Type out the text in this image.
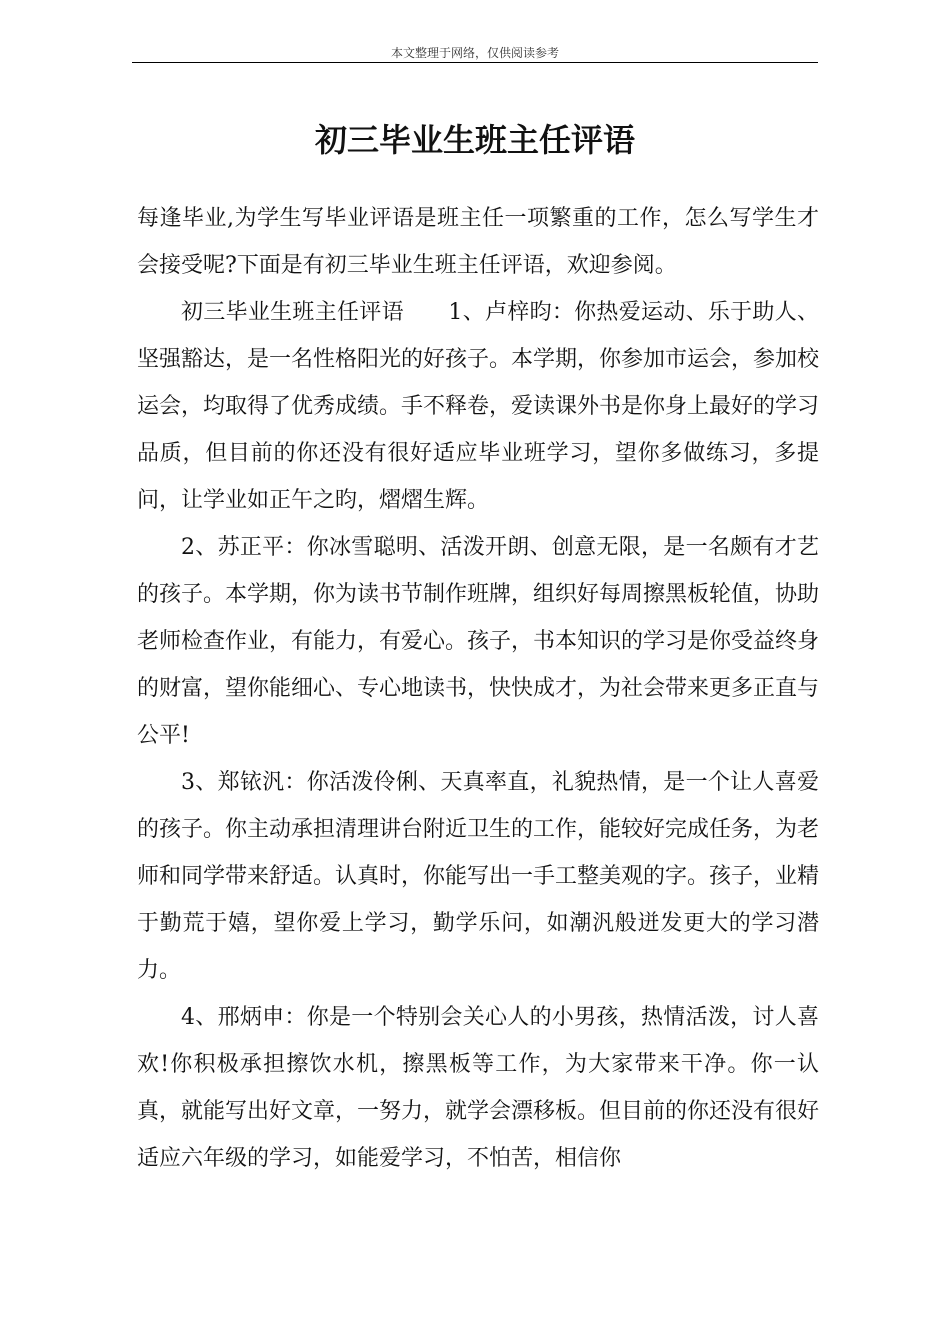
本文整理于网络，仅供阅读参考
初三毕业生班主任评语

每逢毕业,为学生写毕业评语是班主任一项繁重的工作，怎么写学生才会接受呢?下面是有初三毕业生班主任评语，欢迎参阅。

初三毕业生班主任评语　　1、卢梓昀：你热爱运动、乐于助人、坚强豁达，是一名性格阳光的好孩子。本学期，你参加市运会，参加校运会，均取得了优秀成绩。手不释卷，爱读课外书是你身上最好的学习品质，但目前的你还没有很好适应毕业班学习，望你多做练习，多提问，让学业如正午之昀，熠熠生辉。

2、苏正平：你冰雪聪明、活泼开朗、创意无限，是一名颇有才艺的孩子。本学期，你为读书节制作班牌，组织好每周擦黑板轮值，协助老师检查作业，有能力，有爱心。孩子，书本知识的学习是你受益终身的财富，望你能细心、专心地读书，快快成才，为社会带来更多正直与公平!

3、郑铱汎：你活泼伶俐、天真率直，礼貌热情，是一个让人喜爱的孩子。你主动承担清理讲台附近卫生的工作，能较好完成任务，为老师和同学带来舒适。认真时，你能写出一手工整美观的字。孩子，业精于勤荒于嬉，望你爱上学习，勤学乐问，如潮汎般迸发更大的学习潜力。

4、邢炳申：你是一个特别会关心人的小男孩，热情活泼，讨人喜欢!你积极承担擦饮水机，擦黑板等工作，为大家带来干净。你一认真，就能写出好文章，一努力，就学会漂移板。但目前的你还没有很好适应六年级的学习，如能爱学习，不怕苦，相信你
